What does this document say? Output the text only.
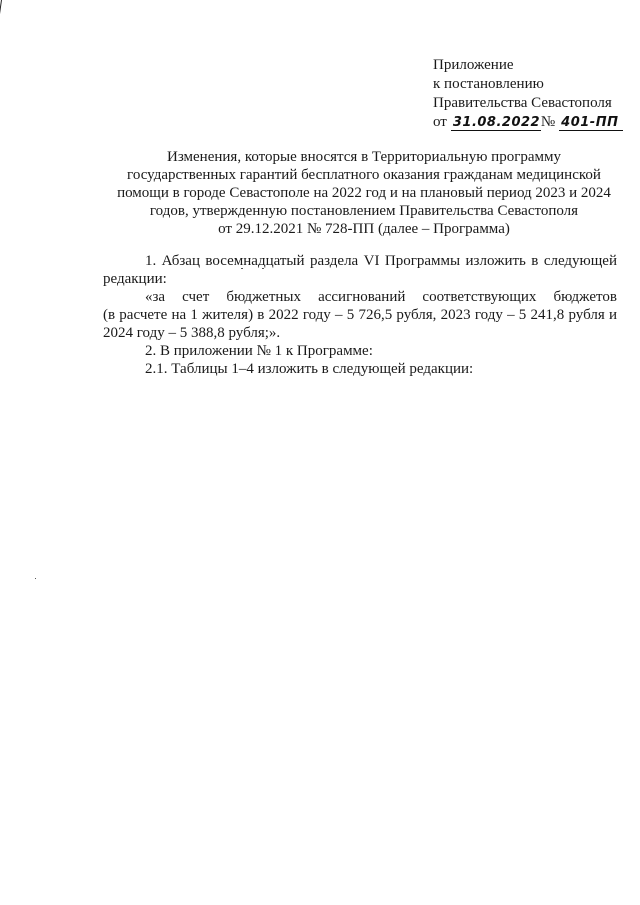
Приложение
к постановлению
Правительства Севастополя
от 31.08.2022 № 401-ПП
Изменения, которые вносятся в Территориальную программу
государственных гарантий бесплатного оказания гражданам медицинской
помощи в городе Севастополе на 2022 год и на плановый период 2023 и 2024
годов, утвержденную постановлением Правительства Севастополя
от 29.12.2021 № 728-ПП (далее – Программа)
1. Абзац восемнадцатый раздела VI Программы изложить в следующей редакции:
«за счет бюджетных ассигнований соответствующих бюджетов
(в расчете на 1 жителя) в 2022 году – 5 726,5 рубля, 2023 году – 5 241,8 рубля и 2024 году – 5 388,8 рубля;».
2. В приложении № 1 к Программе:
2.1. Таблицы 1–4 изложить в следующей редакции:
